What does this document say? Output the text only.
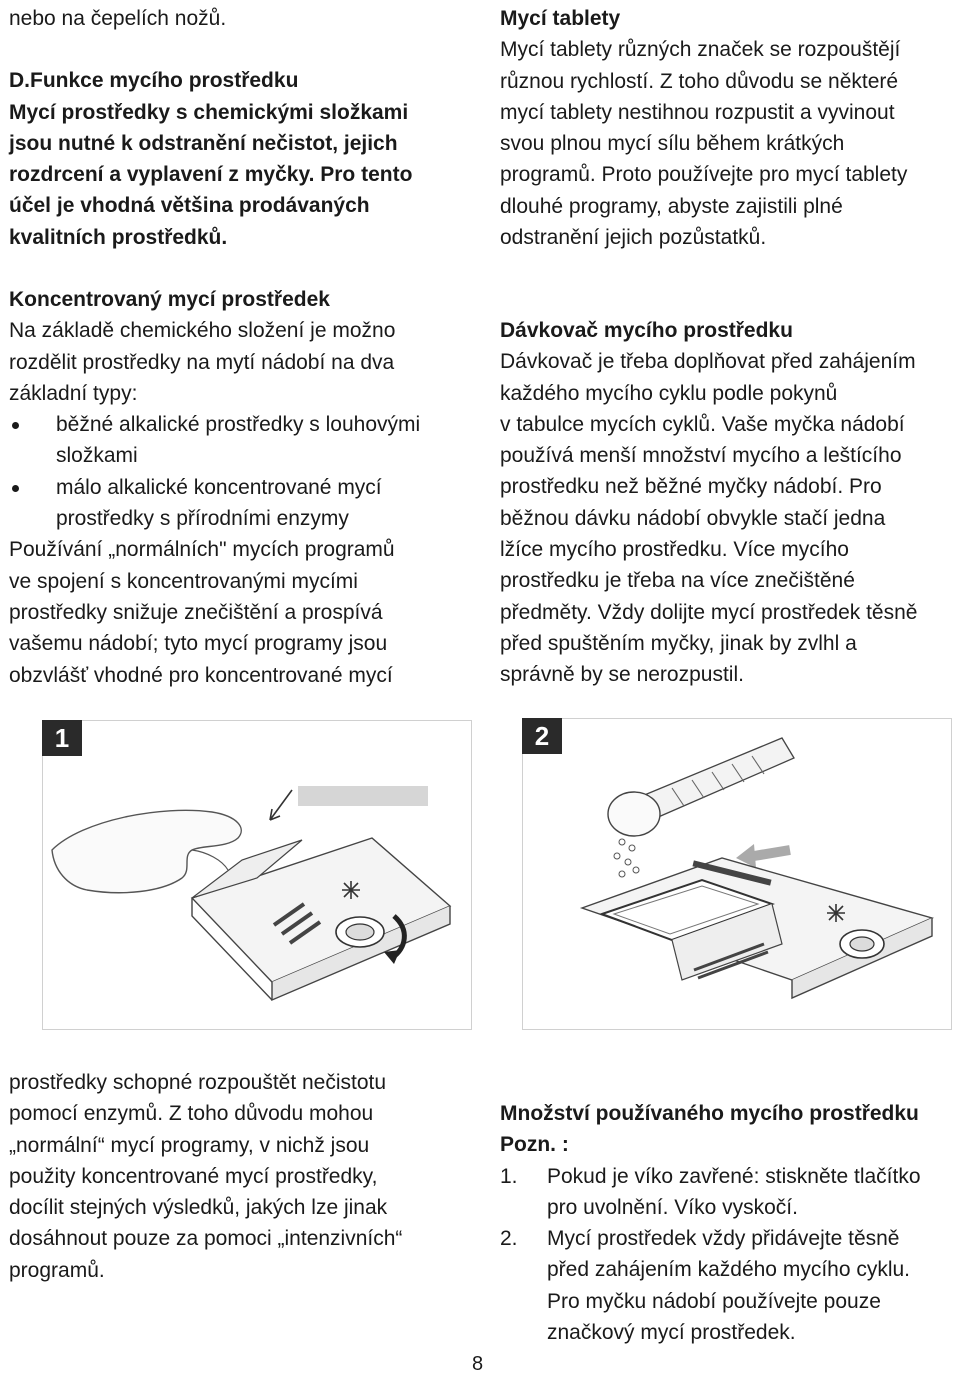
nebo na čepelích nožů.

D.Funkce mycího prostředku

Mycí prostředky s chemickými složkami

jsou nutné k odstranění nečistot, jejich

rozdrcení a vyplavení z myčky. Pro tento

účel je vhodná většina prodávaných

kvalitních prostředků.

Koncentrovaný mycí prostředek

Na základě chemického složení je možno

rozdělit prostředky na mytí nádobí na dva

základní typy:

běžné alkalické prostředky s louhovými

složkami

málo alkalické koncentrované mycí

prostředky s přírodními enzymy

Používání „normálních" mycích programů

ve spojení s koncentrovanými mycími

prostředky snižuje znečištění a prospívá

vašemu nádobí; tyto mycí programy jsou

obzvlášť vhodné pro koncentrované mycí

Mycí tablety

Mycí tablety různých značek se rozpouštějí

různou rychlostí. Z toho důvodu se některé

mycí tablety nestihnou rozpustit a vyvinout

svou plnou mycí sílu během krátkých

programů. Proto používejte pro mycí tablety

dlouhé programy, abyste zajistili plné

odstranění jejich pozůstatků.

Dávkovač mycího prostředku

Dávkovač je třeba doplňovat před zahájením

každého mycího cyklu podle pokynů

v tabulce mycích cyklů. Vaše myčka nádobí

používá menší množství mycího a leštícího

prostředku než běžné myčky nádobí. Pro

běžnou dávku nádobí obvykle stačí jedna

lžíce mycího prostředku. Více mycího

prostředku je třeba na více znečištěné

předměty. Vždy dolijte mycí prostředek těsně

před spuštěním myčky, jinak by zvlhl a

správně by se nerozpustil.

1	2

prostředky schopné rozpouštět nečistotu

pomocí enzymů. Z toho důvodu mohou

„normální“ mycí programy, v nichž jsou

použity koncentrované mycí prostředky,

docílit stejných výsledků, jakých lze jinak

dosáhnout pouze za pomoci „intenzivních“

programů.

Množství používaného mycího prostředku

Pozn. :

1. Pokud je víko zavřené: stiskněte tlačítko

pro uvolnění. Víko vyskočí.

2. Mycí prostředek vždy přidávejte těsně

před zahájením každého mycího cyklu.

Pro myčku nádobí používejte pouze

značkový mycí prostředek.

8
